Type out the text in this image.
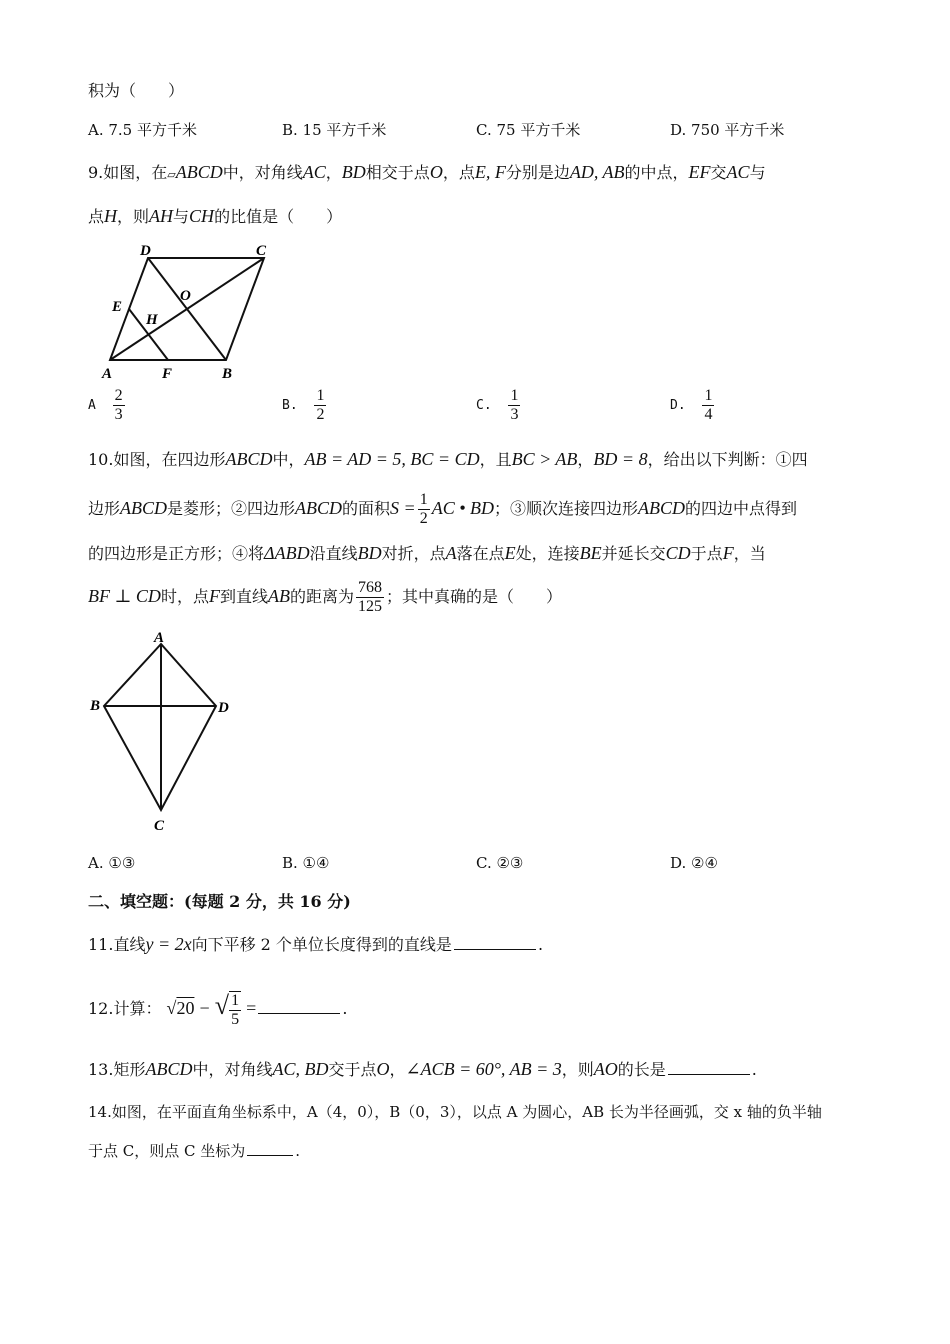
积为（　　）
A. 7.5 平方千米	B. 15 平方千米	C. 75 平方千米	D. 750 平方千米
9.如图，在▱ABCD中，对角线AC，BD相交于点O，点E, F分别是边AD, AB的中点，EF交AC与
点H，则AH与CH的比值是（　　）
D	C
E
H
O
A	F	B
A $\frac{2}{3}$	B. $\frac{1}{2}$	C. $\frac{1}{3}$	D. $\frac{1}{4}$
10.如图，在四边形ABCD中，AB = AD = 5, BC = CD，且BC > AB，BD = 8，给出以下判断：①四
边形ABCD是菱形；②四边形ABCD的面积$S = \frac{1}{2}$ AC • BD；③顺次连接四边形ABCD的四边中点得到
的四边形是正方形；④将ΔABD沿直线BD对折，点A落在点E处，连接BE并延长交CD于点F，当
BF ⊥ CD时，点F到直线AB的距离为 $\frac{768}{125}$ ；其中真确的是（　　）
A
B	D
C
A. ①③	B. ①④	C. ②③	D. ②④
二、填空题：(每题 2 分，共 16 分)
11.直线y = 2x向下平移 2 个单位长度得到的直线是	.
12.计算： √20 − √ $\frac{1}{5}$ =	.
13.矩形ABCD中，对角线AC, BD交于点O，∠ACB = 60°, AB = 3，则AO的长是	.
14.如图，在平面直角坐标系中，A（4，0），B（0，3），以点 A 为圆心，AB 长为半径画弧，交 x 轴的负半轴
于点 C，则点 C 坐标为	.
